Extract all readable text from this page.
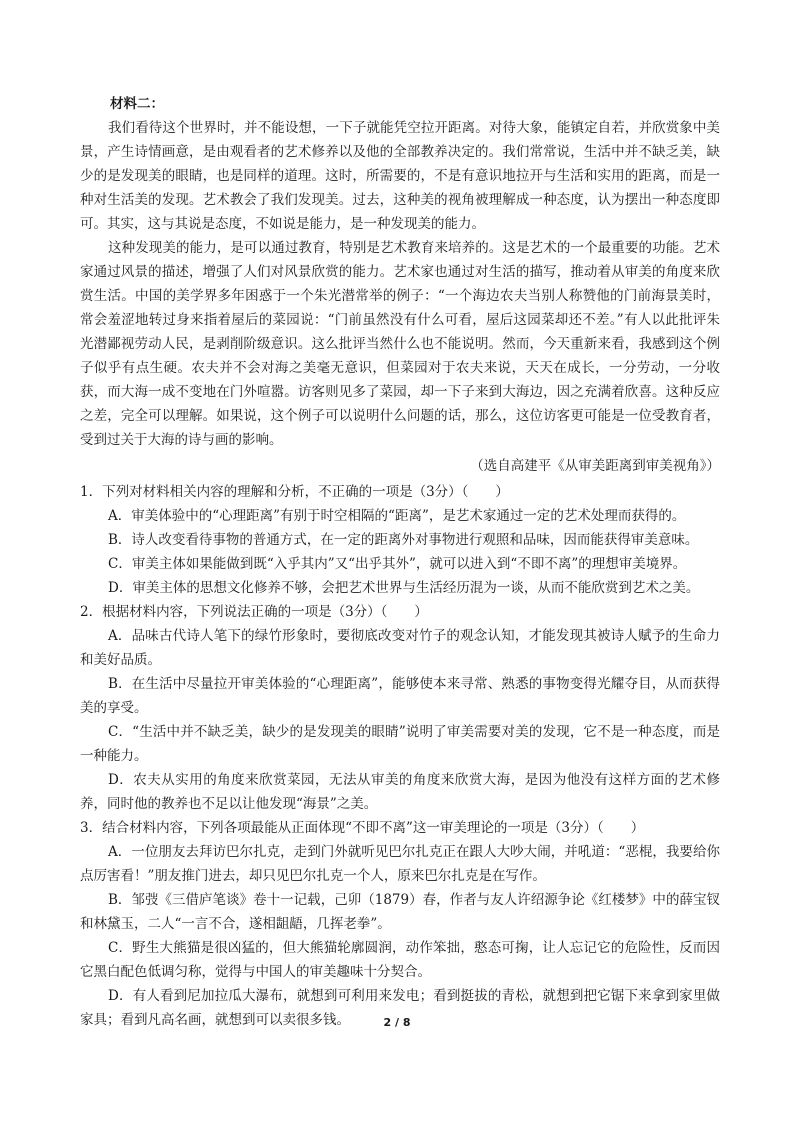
材料二：

我们看待这个世界时，并不能设想，一下子就能凭空拉开距离。对待大象，能镇定自若，并欣赏象中美景，产生诗情画意，是由观看者的艺术修养以及他的全部教养决定的。我们常常说，生活中并不缺乏美，缺少的是发现美的眼睛，也是同样的道理。这时，所需要的，不是有意识地拉开与生活和实用的距离，而是一种对生活美的发现。艺术教会了我们发现美。过去，这种美的视角被理解成一种态度，认为摆出一种态度即可。其实，这与其说是态度，不如说是能力，是一种发现美的能力。

这种发现美的能力，是可以通过教育，特别是艺术教育来培养的。这是艺术的一个最重要的功能。艺术家通过风景的描述，增强了人们对风景欣赏的能力。艺术家也通过对生活的描写，推动着从审美的角度来欣赏生活。中国的美学界多年困惑于一个朱光潜常举的例子：“一个海边农夫当别人称赞他的门前海景美时，常会羞涩地转过身来指着屋后的菜园说：“门前虽然没有什么可看，屋后这园菜却还不差。”有人以此批评朱光潜鄙视劳动人民，是剥削阶级意识。这么批评当然什么也不能说明。然而，今天重新来看，我感到这个例子似乎有点生硬。农夫并不会对海之美毫无意识，但菜园对于农夫来说，天天在成长，一分劳动，一分收获，而大海一成不变地在门外喧嚣。访客则见多了菜园，却一下子来到大海边，因之充满着欣喜。这种反应之差，完全可以理解。如果说，这个例子可以说明什么问题的话，那么，这位访客更可能是一位受教育者，受到过关于大海的诗与画的影响。

（选自高建平《从审美距离到审美视角》）

1．下列对材料相关内容的理解和分析，不正确的一项是（3分）（　　）

A．审美体验中的“心理距离”有别于时空相隔的“距离”，是艺术家通过一定的艺术处理而获得的。

B．诗人改变看待事物的普通方式，在一定的距离外对事物进行观照和品味，因而能获得审美意味。

C．审美主体如果能做到既“入乎其内”又“出乎其外”，就可以进入到“不即不离”的理想审美境界。

D．审美主体的思想文化修养不够，会把艺术世界与生活经历混为一谈，从而不能欣赏到艺术之美。

2．根据材料内容，下列说法正确的一项是（3分）（　　）

A．品味古代诗人笔下的绿竹形象时，要彻底改变对竹子的观念认知，才能发现其被诗人赋予的生命力和美好品质。

B．在生活中尽量拉开审美体验的“心理距离”，能够使本来寻常、熟悉的事物变得光耀夺目，从而获得美的享受。

C．“生活中并不缺乏美，缺少的是发现美的眼睛”说明了审美需要对美的发现，它不是一种态度，而是一种能力。

D．农夫从实用的角度来欣赏菜园，无法从审美的角度来欣赏大海，是因为他没有这样方面的艺术修养，同时他的教养也不足以让他发现“海景”之美。

3．结合材料内容，下列各项最能从正面体现“不即不离”这一审美理论的一项是（3分）（　　）

A．一位朋友去拜访巴尔扎克，走到门外就听见巴尔扎克正在跟人大吵大闹，并吼道：“恶棍，我要给你点厉害看！”朋友推门进去，却只见巴尔扎克一个人，原来巴尔扎克是在写作。

B．邹弢《三借庐笔谈》卷十一记载，己卯（1879）春，作者与友人许绍源争论《红楼梦》中的薛宝钗和林黛玉，二人“一言不合，遂相龃龉，几挥老拳”。

C．野生大熊猫是很凶猛的，但大熊猫轮廓圆润，动作笨拙，憨态可掬，让人忘记它的危险性，反而因它黑白配色低调匀称，觉得与中国人的审美趣味十分契合。

D．有人看到尼加拉瓜大瀑布，就想到可利用来发电；看到挺拔的青松，就想到把它锯下来拿到家里做家具；看到凡高名画，就想到可以卖很多钱。	2 / 8
